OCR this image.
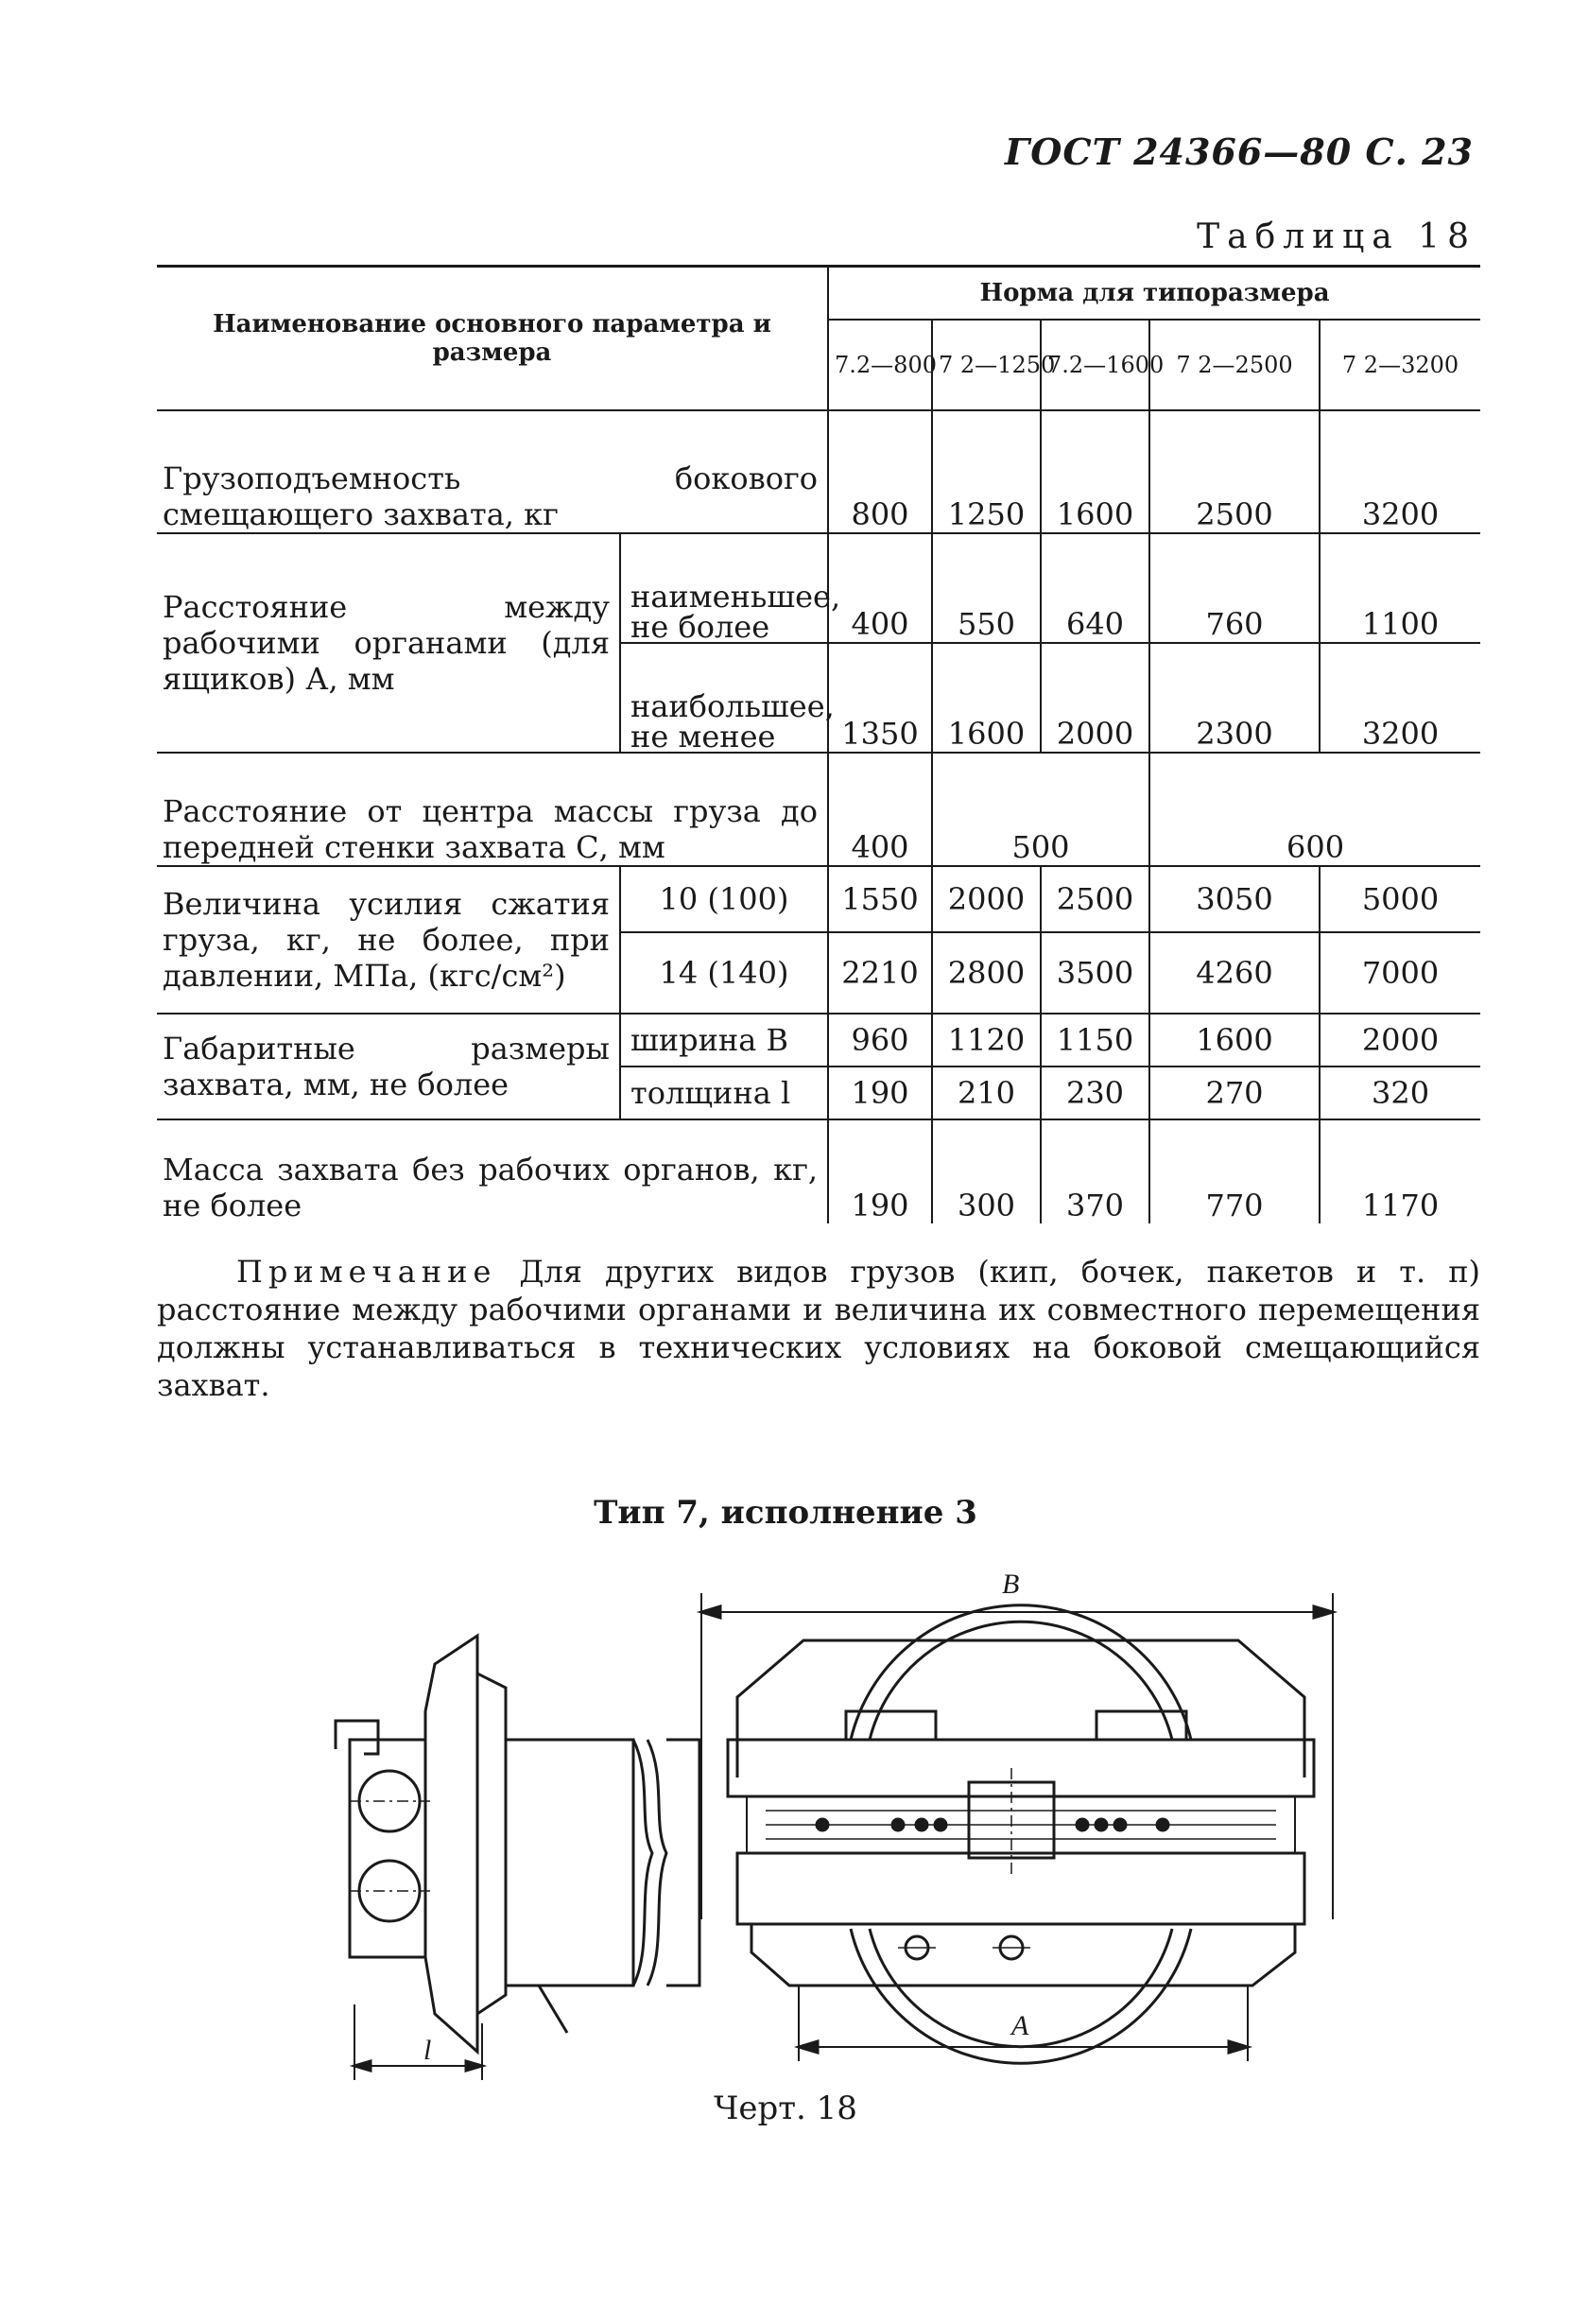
ГОСТ 24366—80 С. 23
Таблица 18
Наименование основного параметра и размера		Норма для типоразмера				
		7.2—800	7 2—1250	7.2—1600	7 2—2500	7 2—3200
Грузоподъемность бокового смещающего захвата, кг		800	1250	1600	2500	3200
Расстояние между рабочими органами (для ящиков) А, мм	наименьшее, не более	400	550	640	760	1100
	наибольшее, не менее	1350	1600	2000	2300	3200
Расстояние от центра массы груза до передней стенки захвата С, мм		400	500		600	
Величина усилия сжатия груза, кг, не более, при давлении, МПа, (кгс/см²)	10 (100)	1550	2000	2500	3050	5000
	14 (140)	2210	2800	3500	4260	7000
Габаритные размеры захвата, мм, не более	ширина B	960	1120	1150	1600	2000
	толщина l	190	210	230	270	320
Масса захвата без рабочих органов, кг, не более		190	300	370	770	1170
Примечание Для других видов грузов (кип, бочек, пакетов и т. п) расстояние между рабочими органами и величина их совместного перемещения должны устанавливаться в технических условиях на боковой смещающийся захват.
Тип 7, исполнение 3
l
B
A
Черт. 18
